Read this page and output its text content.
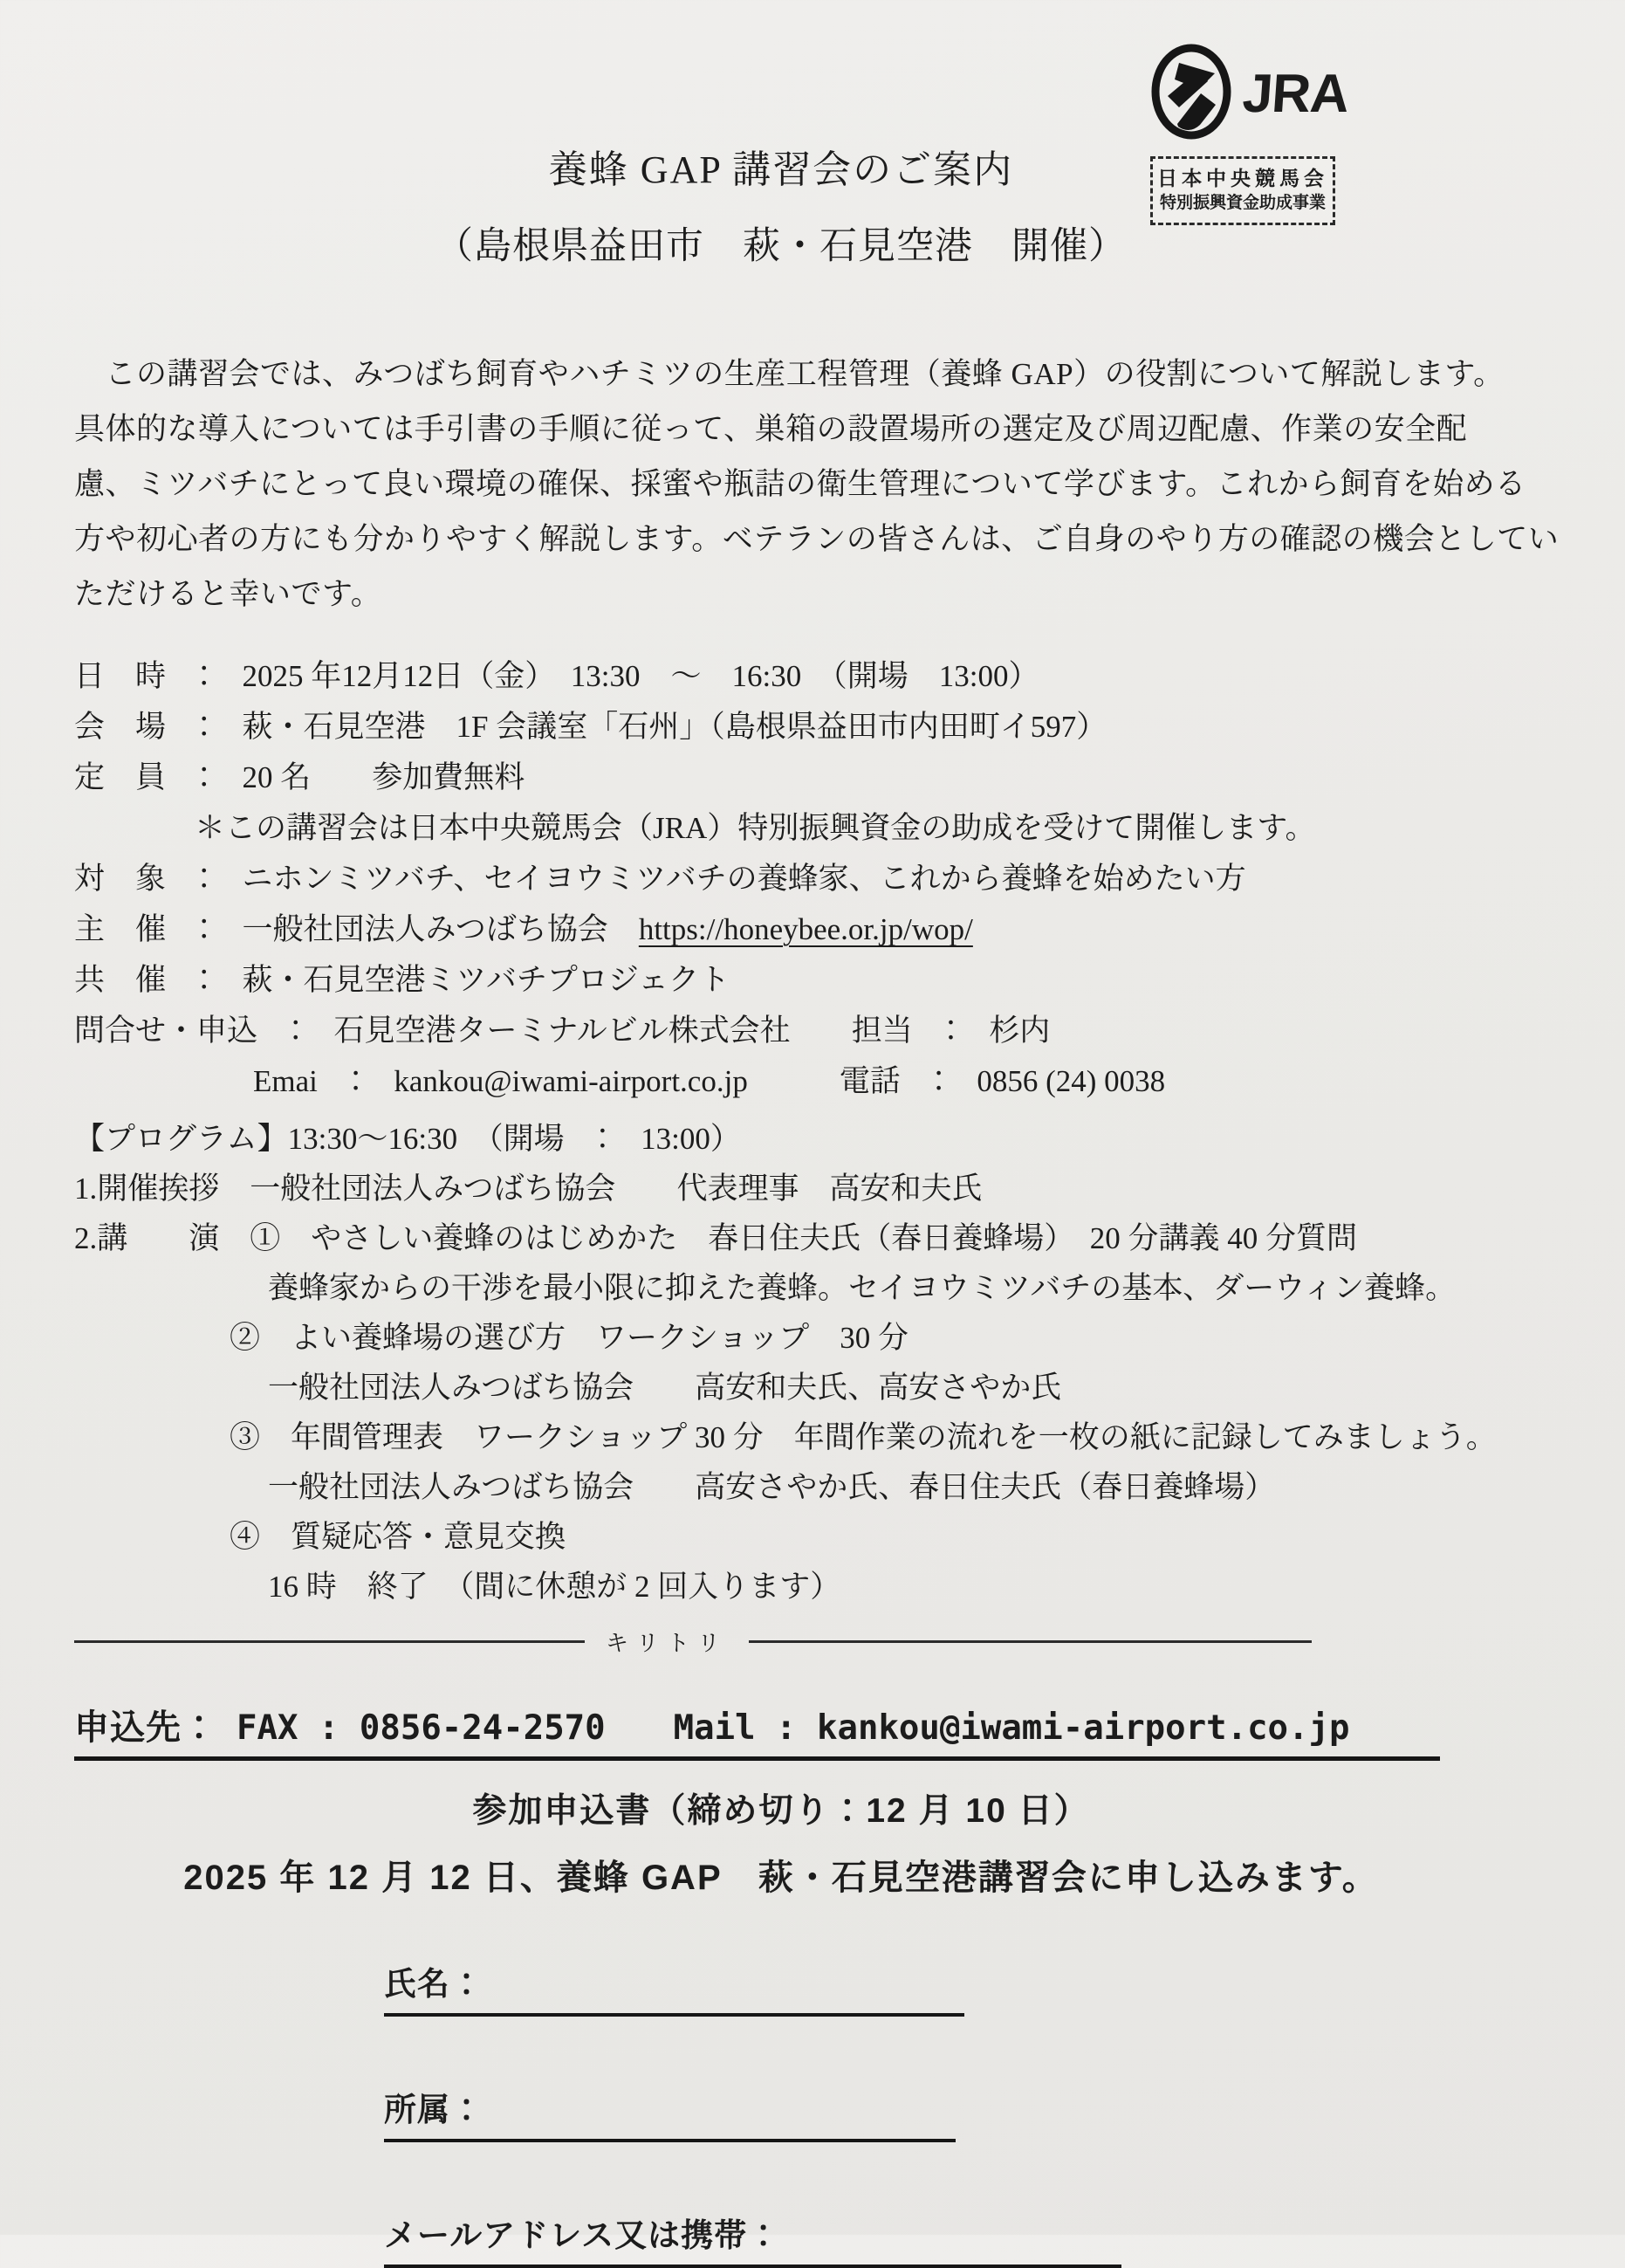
JRA
日本中央競馬会
特別振興資金助成事業
養蜂 GAP 講習会のご案内
（島根県益田市　萩・石見空港　開催）
　この講習会では、みつばち飼育やハチミツの生産工程管理（養蜂 GAP）の役割について解説します。
具体的な導入については手引書の手順に従って、巣箱の設置場所の選定及び周辺配慮、作業の安全配
慮、ミツバチにとって良い環境の確保、採蜜や瓶詰の衛生管理について学びます。これから飼育を始める
方や初心者の方にも分かりやすく解説します。ベテランの皆さんは、ご自身のやり方の確認の機会としてい
ただけると幸いです。
日　時　：　2025 年12月12日（金）　13:30　～　16:30　（開場　13:00）
会　場　：　萩・石見空港　1F 会議室「石州」（島根県益田市内田町イ597）
定　員　：　20 名　　参加費無料
＊この講習会は日本中央競馬会（JRA）特別振興資金の助成を受けて開催します。
対　象　：　ニホンミツバチ、セイヨウミツバチの養蜂家、これから養蜂を始めたい方
主　催　：　一般社団法人みつばち協会　https://honeybee.or.jp/wop/
共　催　：　萩・石見空港ミツバチプロジェクト
問合せ・申込　：　石見空港ターミナルビル株式会社　　担当　：　杉内
Emai　：　kankou@iwami-airport.co.jp　　　電話　：　0856 (24) 0038
【プログラム】13:30～16:30　（開場　：　13:00）
1.開催挨拶　一般社団法人みつばち協会　　代表理事　高安和夫氏
2.講　　演　①　やさしい養蜂のはじめかた　春日住夫氏（春日養蜂場）　20 分講義 40 分質問
養蜂家からの干渉を最小限に抑えた養蜂。セイヨウミツバチの基本、ダーウィン養蜂。
②　よい養蜂場の選び方　ワークショップ　30 分
一般社団法人みつばち協会　　高安和夫氏、高安さやか氏
③　年間管理表　ワークショップ 30 分　年間作業の流れを一枚の紙に記録してみましょう。
一般社団法人みつばち協会　　高安さやか氏、春日住夫氏（春日養蜂場）
④　質疑応答・意見交換
16 時　終了　（間に休憩が 2 回入ります）
キリトリ
申込先： FAX : 0856-24-2570　　Mail : kankou@iwami-airport.co.jp
参加申込書（締め切り：12 月 10 日）
2025 年 12 月 12 日、養蜂 GAP　萩・石見空港講習会に申し込みます。
氏名：
所属：
メールアドレス又は携帯：
